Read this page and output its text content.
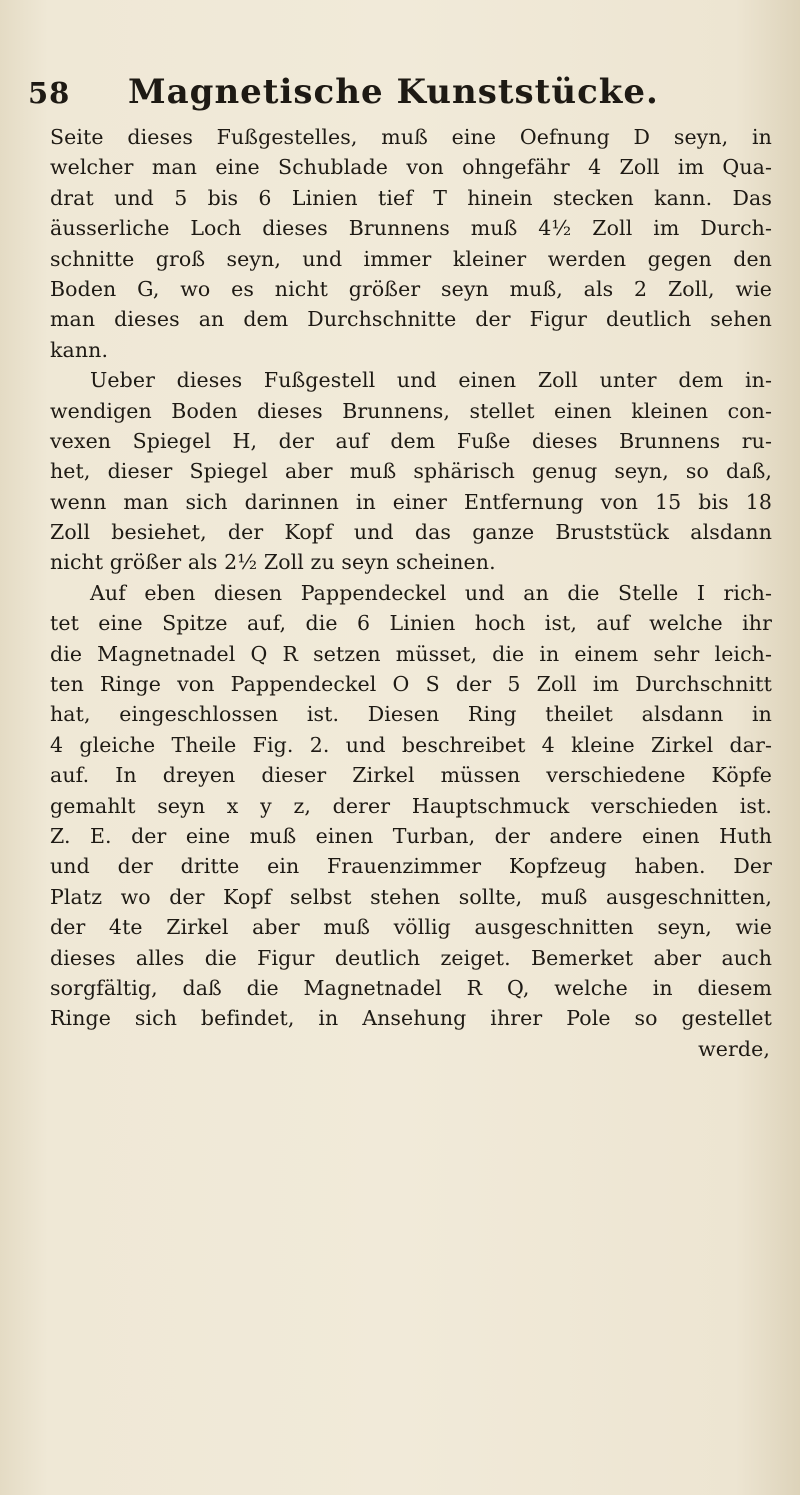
58 Magnetische Kunststücke.
Seite dieses Fußgestelles, muß eine Oefnung D seyn, in
welcher man eine Schublade von ohngefähr 4 Zoll im Qua-
drat und 5 bis 6 Linien tief T hinein stecken kann. Das
äusserliche Loch dieses Brunnens muß 4½ Zoll im Durch-
schnitte groß seyn, und immer kleiner werden gegen den
Boden G, wo es nicht größer seyn muß, als 2 Zoll, wie
man dieses an dem Durchschnitte der Figur deutlich sehen
kann.
Ueber dieses Fußgestell und einen Zoll unter dem in-
wendigen Boden dieses Brunnens, stellet einen kleinen con-
vexen Spiegel H, der auf dem Fuße dieses Brunnens ru-
het, dieser Spiegel aber muß sphärisch genug seyn, so daß,
wenn man sich darinnen in einer Entfernung von 15 bis 18
Zoll besiehet, der Kopf und das ganze Bruststück alsdann
nicht größer als 2½ Zoll zu seyn scheinen.
Auf eben diesen Pappendeckel und an die Stelle I rich-
tet eine Spitze auf, die 6 Linien hoch ist, auf welche ihr
die Magnetnadel Q R setzen müsset, die in einem sehr leich-
ten Ringe von Pappendeckel O S der 5 Zoll im Durchschnitt
hat, eingeschlossen ist. Diesen Ring theilet alsdann in
4 gleiche Theile Fig. 2. und beschreibet 4 kleine Zirkel dar-
auf. In dreyen dieser Zirkel müssen verschiedene Köpfe
gemahlt seyn x y z, derer Hauptschmuck verschieden ist.
Z. E. der eine muß einen Turban, der andere einen Huth
und der dritte ein Frauenzimmer Kopfzeug haben. Der
Platz wo der Kopf selbst stehen sollte, muß ausgeschnitten,
der 4te Zirkel aber muß völlig ausgeschnitten seyn, wie
dieses alles die Figur deutlich zeiget. Bemerket aber auch
sorgfältig, daß die Magnetnadel R Q, welche in diesem
Ringe sich befindet, in Ansehung ihrer Pole so gestellet
werde,
